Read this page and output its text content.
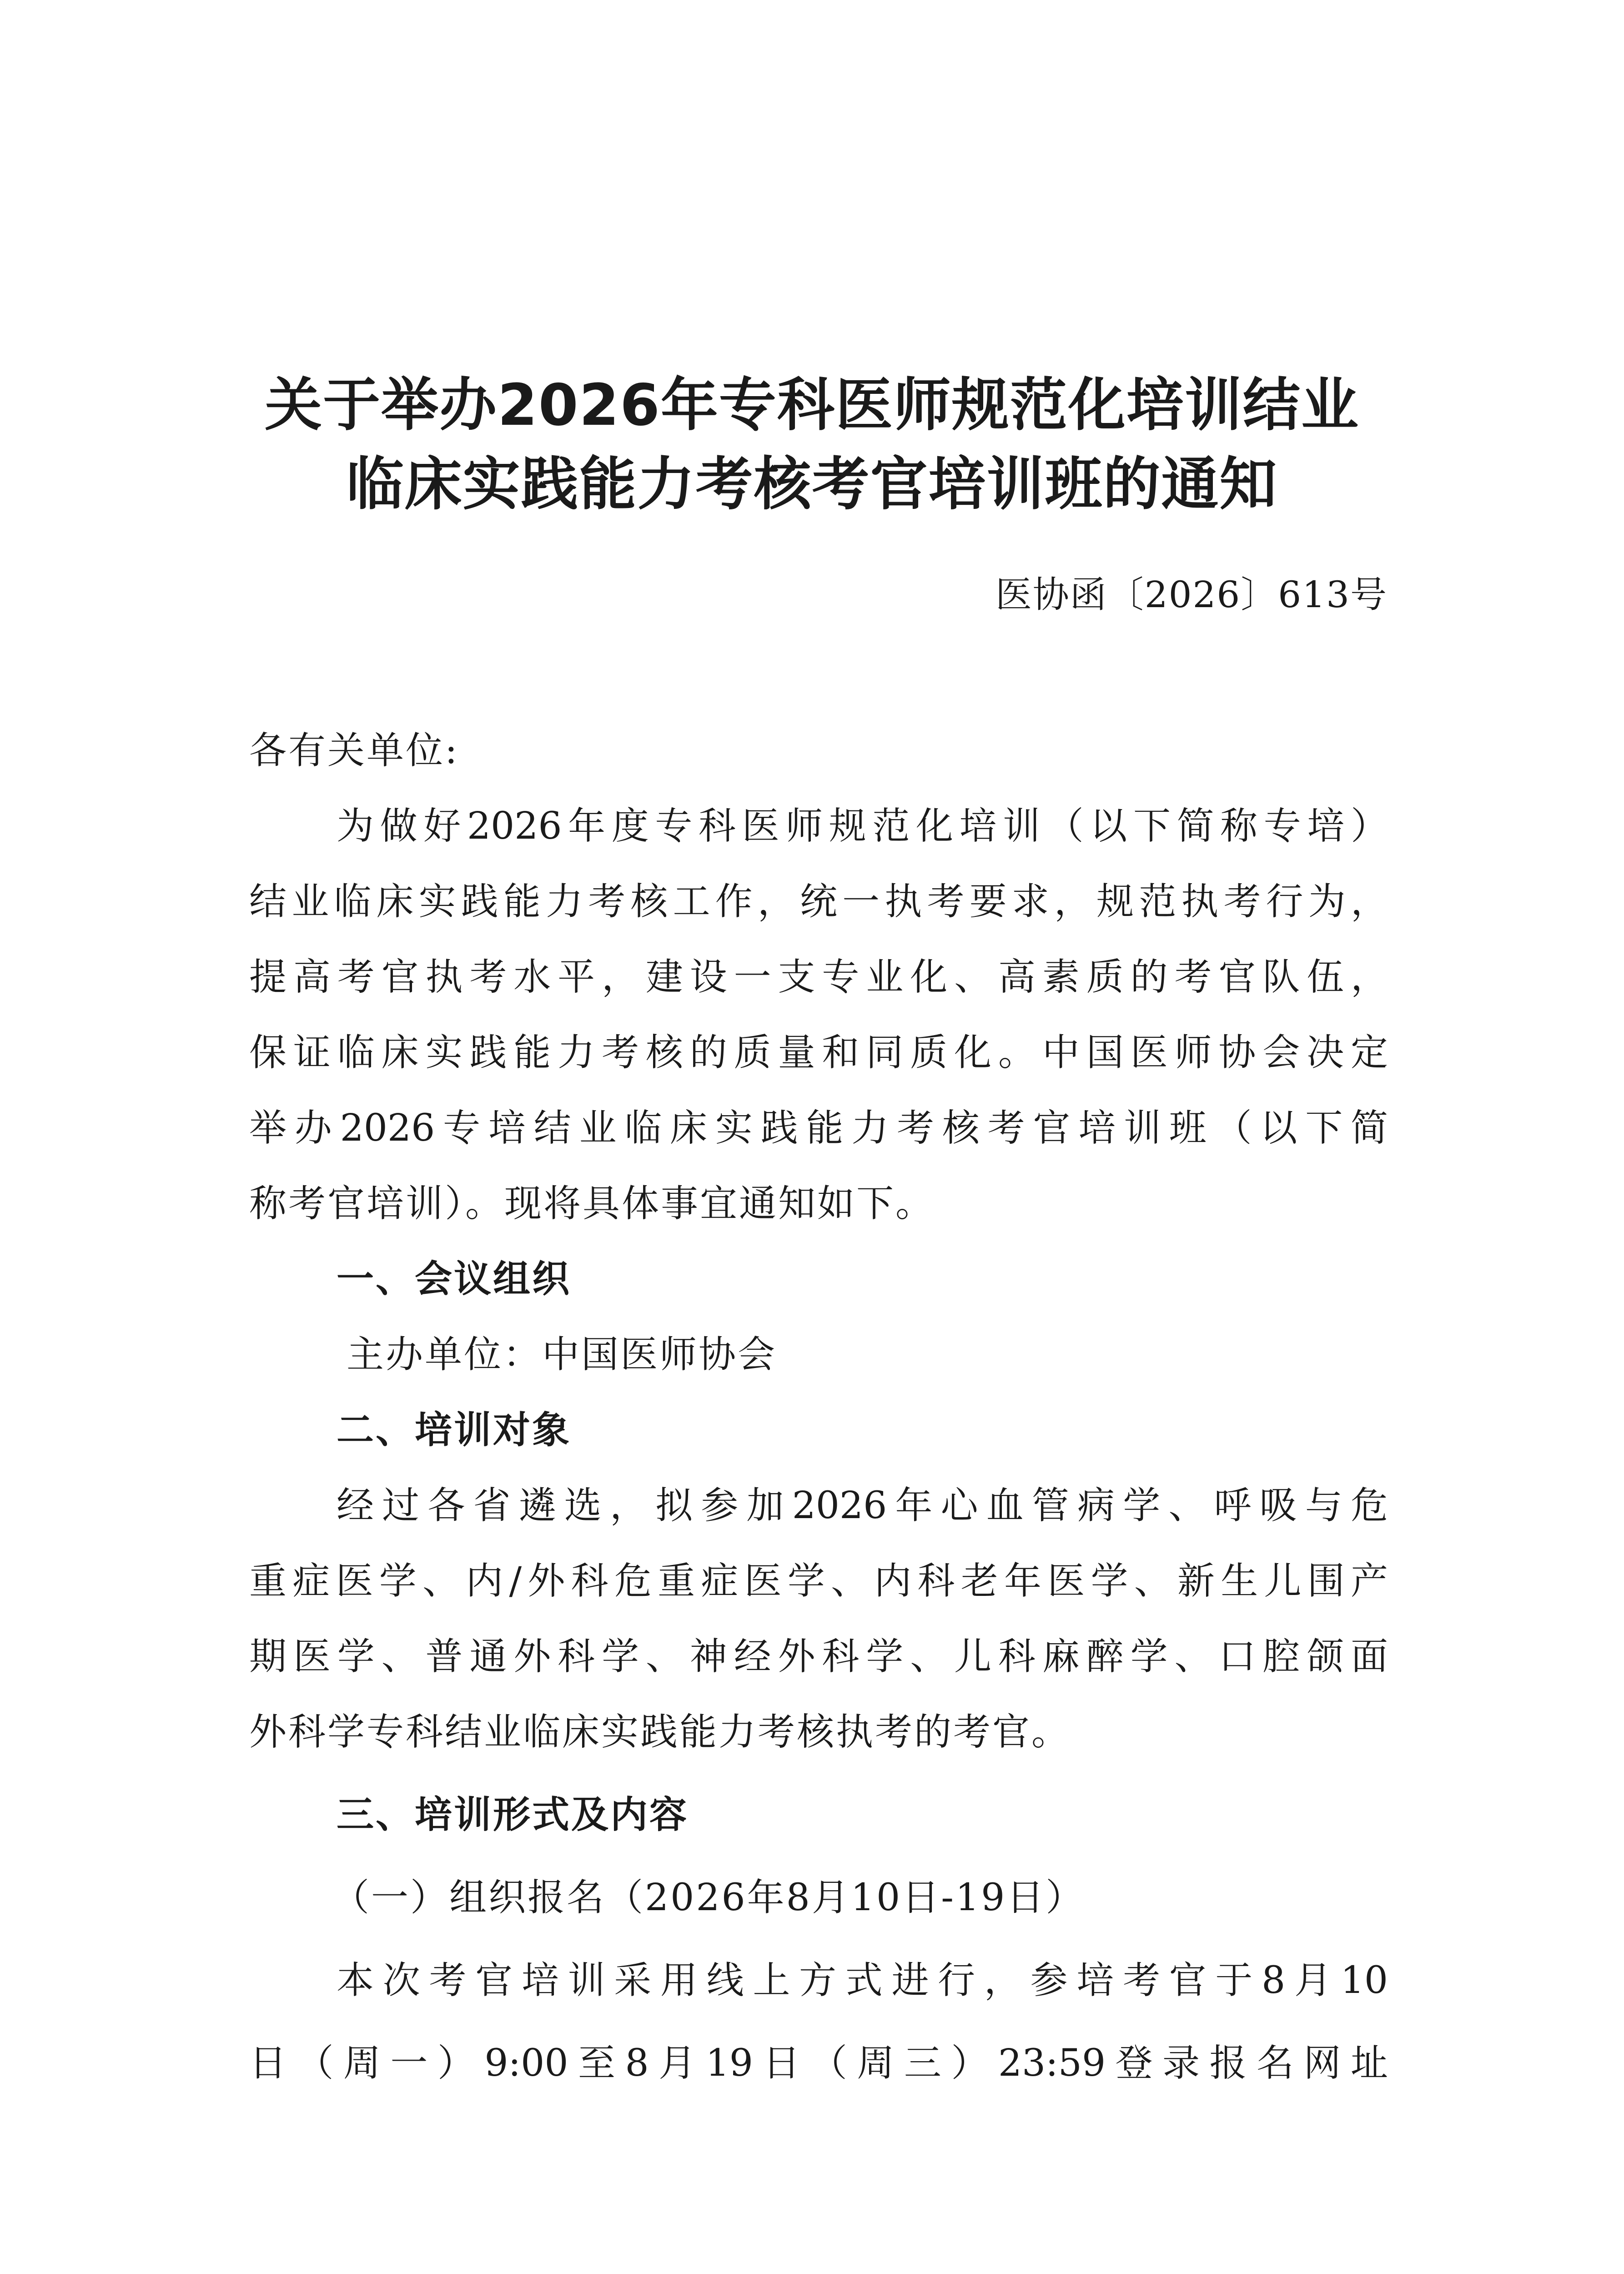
关于举办2026年专科医师规范化培训结业
临床实践能力考核考官培训班的通知
医协函〔2026〕613号
各有关单位:
为做好2026年度专科医师规范化培训（以下简称专培）
结业临床实践能力考核工作，统一执考要求，规范执考行为，
提高考官执考水平，建设一支专业化、高素质的考官队伍，
保证临床实践能力考核的质量和同质化。中国医师协会决定
举办2026专培结业临床实践能力考核考官培训班（以下简
称考官培训）。现将具体事宜通知如下。
一、会议组织
主办单位：中国医师协会
二、培训对象
经过各省遴选，拟参加2026年心血管病学、呼吸与危
重症医学、内/外科危重症医学、内科老年医学、新生儿围产
期医学、普通外科学、神经外科学、儿科麻醉学、口腔颌面
外科学专科结业临床实践能力考核执考的考官。
三、培训形式及内容
（一）组织报名（2026年8月10日-19日）
本次考官培训采用线上方式进行，参培考官于8月10
日（周一）9:00至8月19日（周三）23:59登录报名网址
